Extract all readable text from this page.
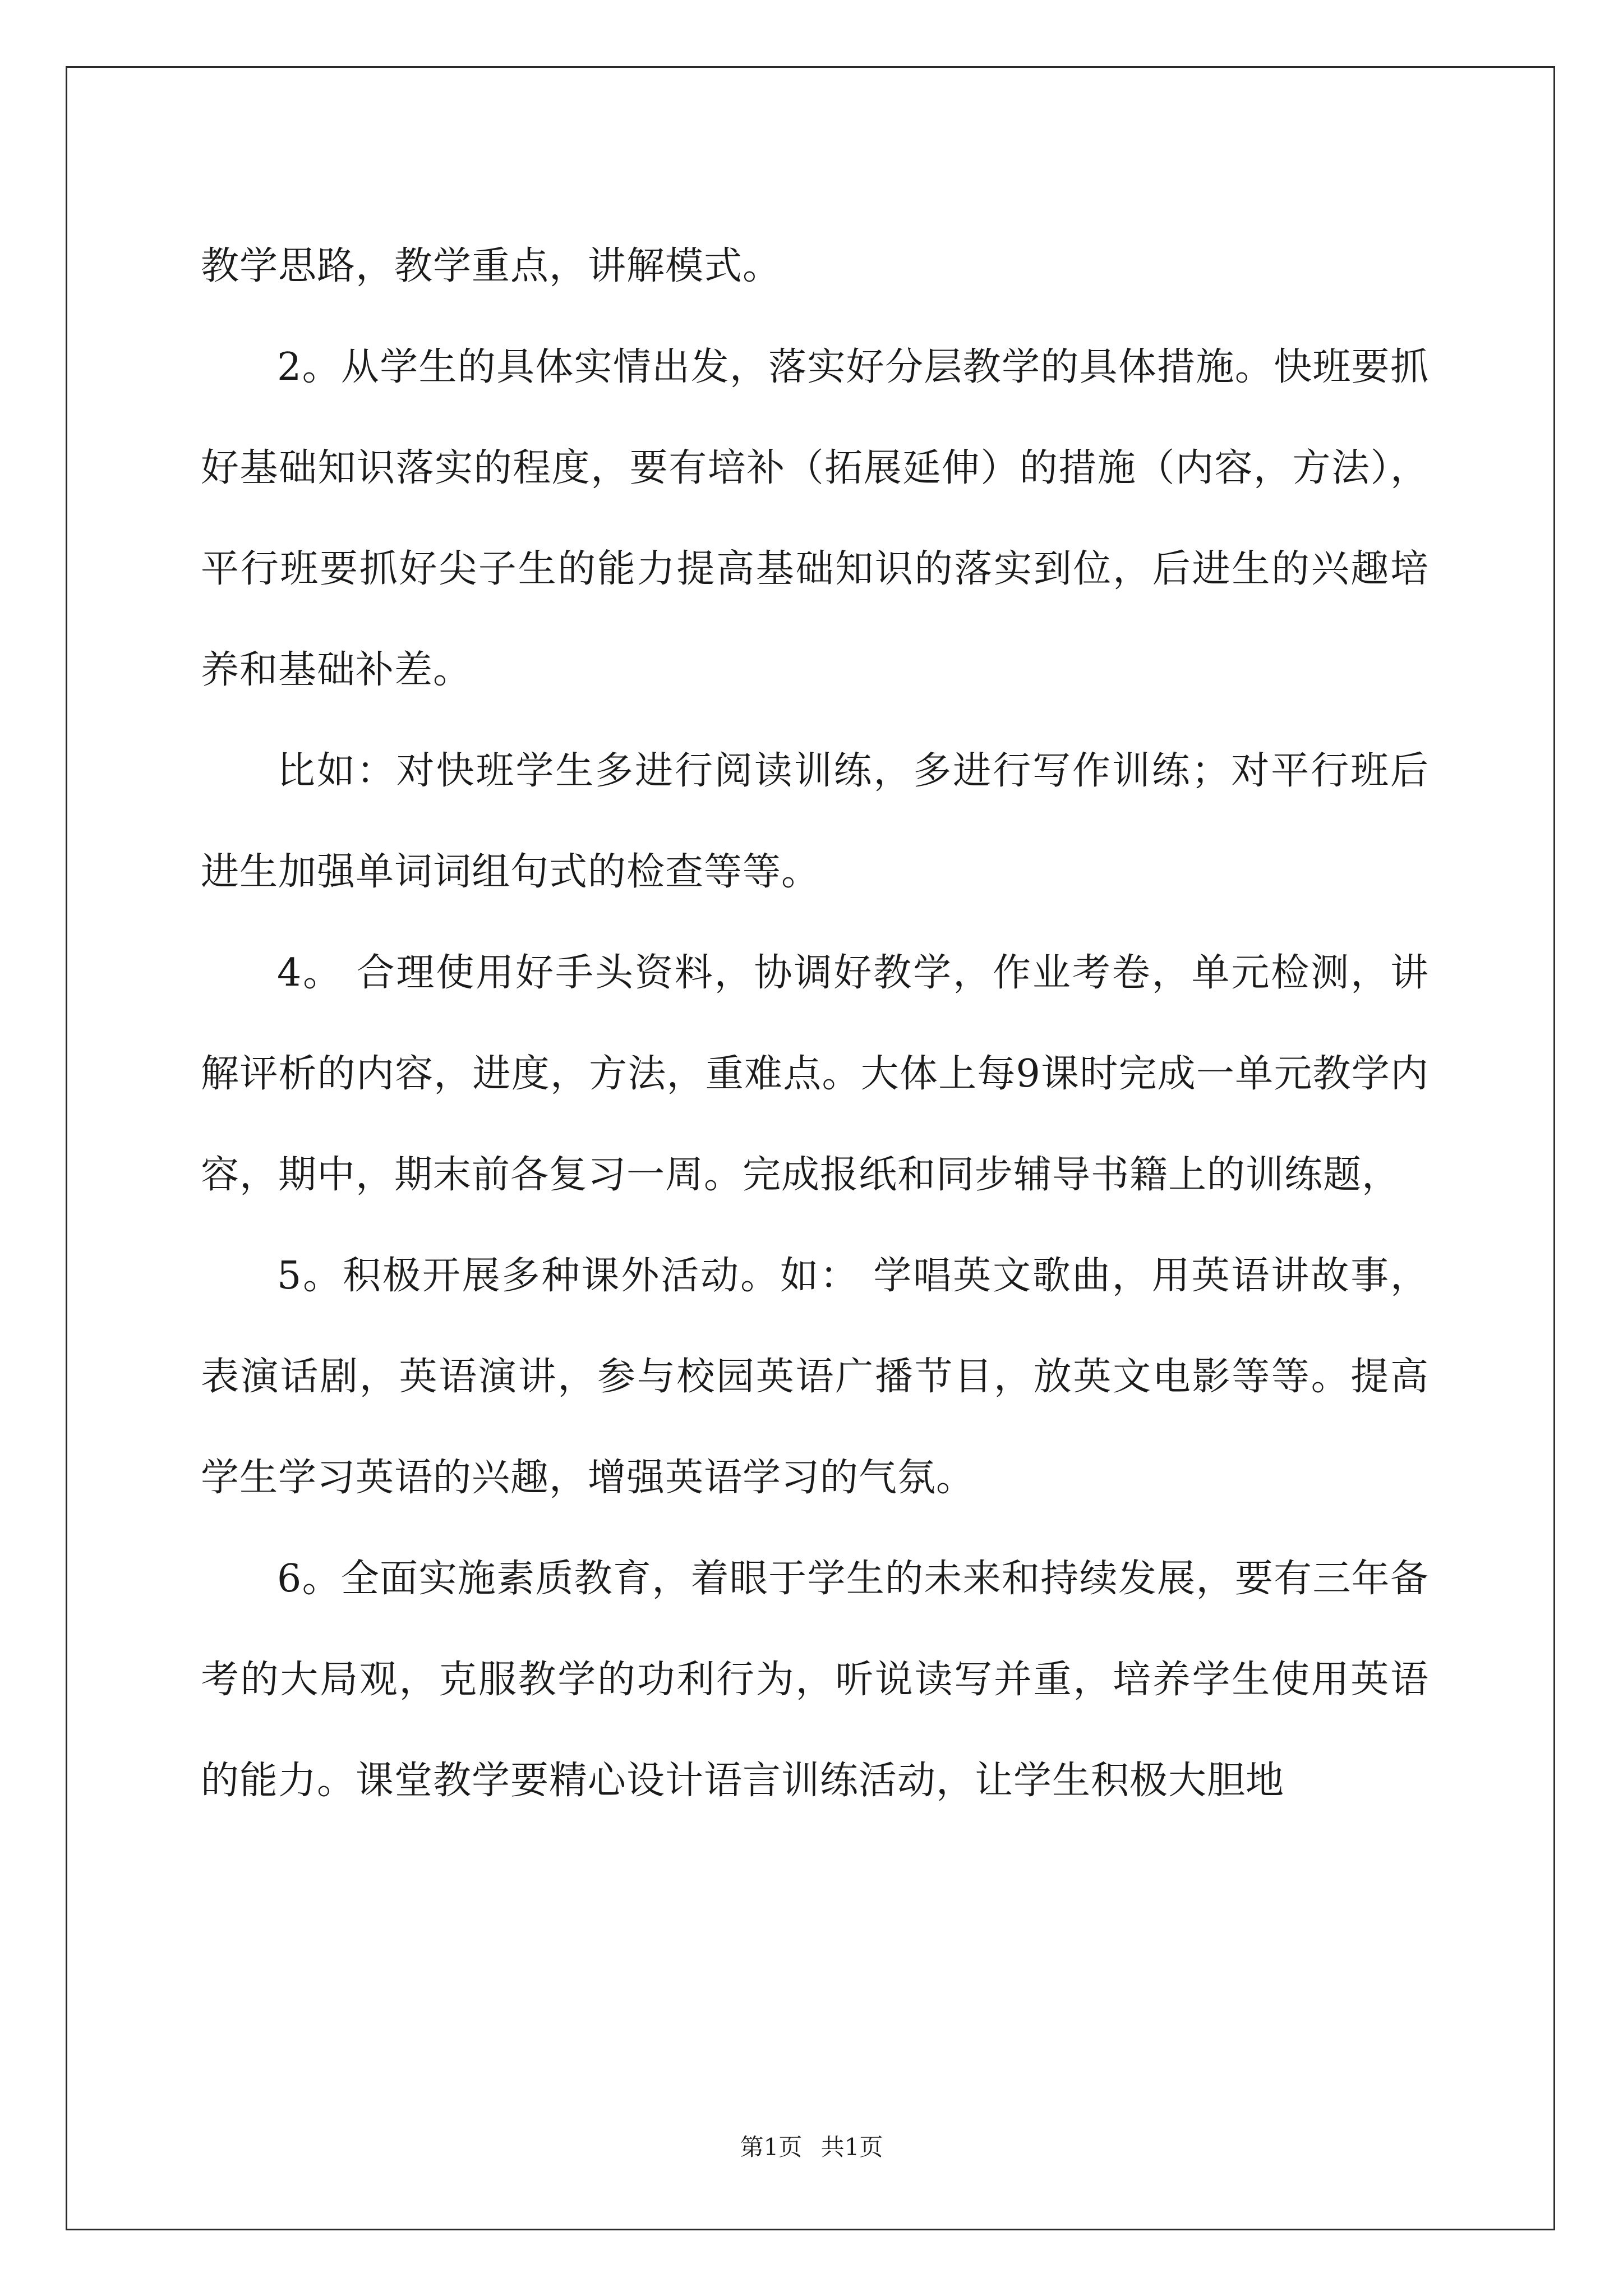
教学思路，教学重点，讲解模式。

2。从学生的具体实情出发，落实好分层教学的具体措施。快班要抓好基础知识落实的程度，要有培补（拓展延伸）的措施（内容，方法），平行班要抓好尖子生的能力提高基础知识的落实到位，后进生的兴趣培养和基础补差。

比如：对快班学生多进行阅读训练，多进行写作训练；对平行班后进生加强单词词组句式的检查等等。

4。 合理使用好手头资料，协调好教学，作业考卷，单元检测，讲解评析的内容，进度，方法，重难点。大体上每9课时完成一单元教学内容，期中，期末前各复习一周。完成报纸和同步辅导书籍上的训练题，

5。积极开展多种课外活动。如： 学唱英文歌曲，用英语讲故事，表演话剧，英语演讲，参与校园英语广播节目，放英文电影等等。提高学生学习英语的兴趣，增强英语学习的气氛。

6。全面实施素质教育，着眼于学生的未来和持续发展，要有三年备考的大局观，克服教学的功利行为，听说读写并重，培养学生使用英语的能力。课堂教学要精心设计语言训练活动，让学生积极大胆地

第1页 共1页
